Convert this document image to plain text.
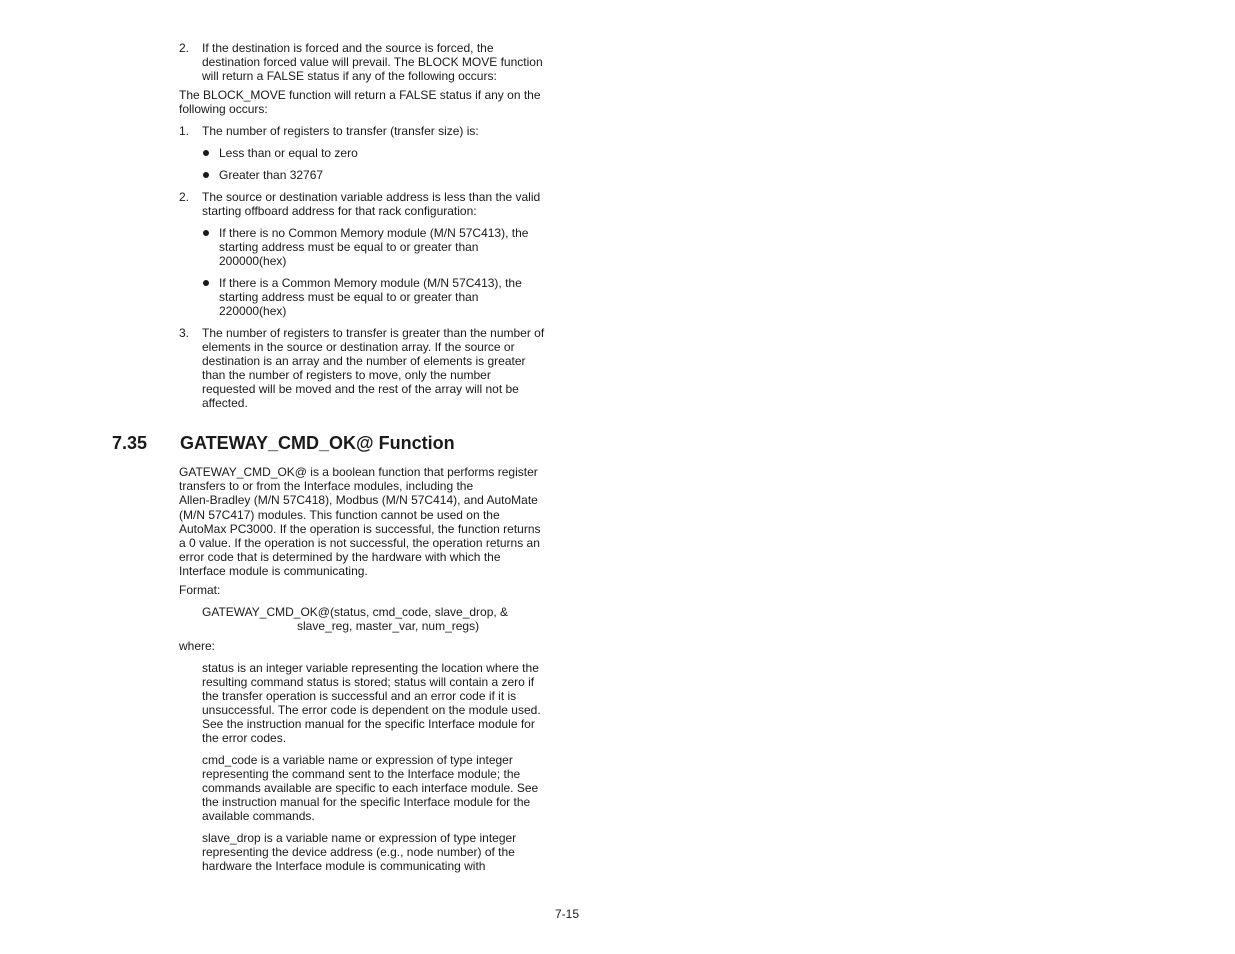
2. If the destination is forced and the source is forced, the
destination forced value will prevail. The BLOCK MOVE function
will return a FALSE status if any of the following occurs:
The BLOCK_MOVE function will return a FALSE status if any on the
following occurs:
1. The number of registers to transfer (transfer size) is:
Less than or equal to zero
Greater than 32767
2. The source or destination variable address is less than the valid
starting offboard address for that rack configuration:
If there is no Common Memory module (M/N 57C413), the
starting address must be equal to or greater than
200000(hex)
If there is a Common Memory module (M/N 57C413), the
starting address must be equal to or greater than
220000(hex)
3. The number of registers to transfer is greater than the number of
elements in the source or destination array. If the source or
destination is an array and the number of elements is greater
than the number of registers to move, only the number
requested will be moved and the rest of the array will not be
affected.
7.35 GATEWAY_CMD_OK@ Function
GATEWAY_CMD_OK@ is a boolean function that performs register
transfers to or from the Interface modules, including the
Allen-Bradley (M/N 57C418), Modbus (M/N 57C414), and AutoMate
(M/N 57C417) modules. This function cannot be used on the
AutoMax PC3000. If the operation is successful, the function returns
a 0 value. If the operation is not successful, the operation returns an
error code that is determined by the hardware with which the
Interface module is communicating.
Format:
GATEWAY_CMD_OK@(status, cmd_code, slave_drop, &
slave_reg, master_var, num_regs)
where:
status is an integer variable representing the location where the
resulting command status is stored; status will contain a zero if
the transfer operation is successful and an error code if it is
unsuccessful. The error code is dependent on the module used.
See the instruction manual for the specific Interface module for
the error codes.
cmd_code is a variable name or expression of type integer
representing the command sent to the Interface module; the
commands available are specific to each interface module. See
the instruction manual for the specific Interface module for the
available commands.
slave_drop is a variable name or expression of type integer
representing the device address (e.g., node number) of the
hardware the Interface module is communicating with
7-15
